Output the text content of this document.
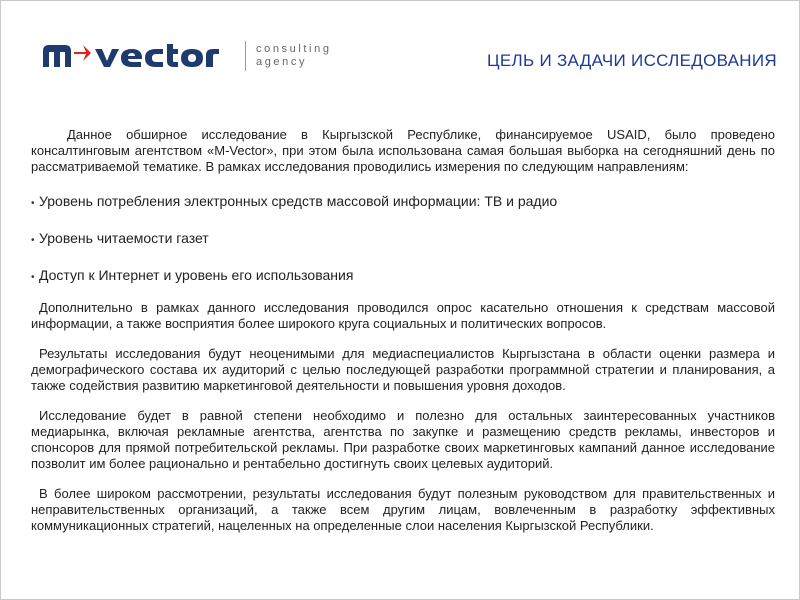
consulting
agency	ЦЕЛЬ И ЗАДАЧИ ИССЛЕДОВАНИЯ

Данное обширное исследование в Кыргызской Республике, финансируемое USAID, было проведено консалтинговым агентством «M-Vector», при этом была использована самая большая выборка на сегодняшний день по рассматриваемой тематике. В рамках исследования проводились измерения по следующим направлениям:

• Уровень потребления электронных средств массовой информации: ТВ и радио

• Уровень читаемости газет

• Доступ к Интернет и уровень его использования

Дополнительно в рамках данного исследования проводился опрос касательно отношения к средствам массовой информации, а также восприятия более широкого круга социальных и политических вопросов.

Результаты исследования будут неоценимыми для медиаспециалистов Кыргызстана в области оценки размера и демографического состава их аудиторий с целью последующей разработки программной стратегии и планирования, а также содействия развитию маркетинговой деятельности и повышения уровня доходов.

Исследование будет в равной степени необходимо и полезно для остальных заинтересованных участников медиарынка, включая рекламные агентства, агентства по закупке и размещению средств рекламы, инвесторов и спонсоров для прямой потребительской рекламы. При разработке своих маркетинговых кампаний данное исследование позволит им более рационально и рентабельно достигнуть своих целевых аудиторий.

В более широком рассмотрении, результаты исследования будут полезным руководством для правительственных и неправительственных организаций, а также всем другим лицам, вовлеченным в разработку эффективных коммуникационных стратегий, нацеленных на определенные слои населения Кыргызской Республики.
